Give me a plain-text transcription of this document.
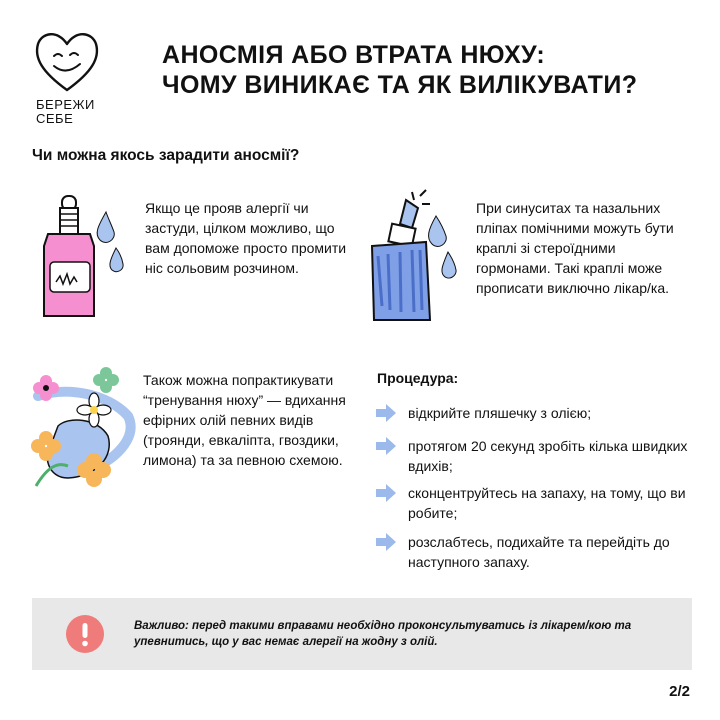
БЕРЕЖИ
СЕБЕ
АНОСМІЯ АБО ВТРАТА НЮХУ:
ЧОМУ ВИНИКАЄ ТА ЯК ВИЛІКУВАТИ?
Чи можна якось зарадити аносмії?
Якщо це прояв алергії чи застуди, цілком можливо, що вам допоможе просто промити ніс сольовим розчином.
При синуситах та назальних пліпах помічними можуть бути краплі зі стероїдними гормонами. Такі краплі може прописати виключно лікар/ка.
Також можна попрактикувати “тренування нюху” — вдихання ефірних олій певних видів (троянди, евкаліпта, гвоздики, лимона) та за певною схемою.
Процедура:
відкрийте пляшечку з олією;
протягом 20 секунд зробіть кілька швидких вдихів;
сконцентруйтесь на запаху, на тому, що ви робите;
розслабтесь, подихайте та перейдіть до наступного запаху.
Важливо: перед такими вправами необхідно проконсультуватись із лікарем/кою та упевнитись, що у вас немає алергії на жодну з олій.
2/2
